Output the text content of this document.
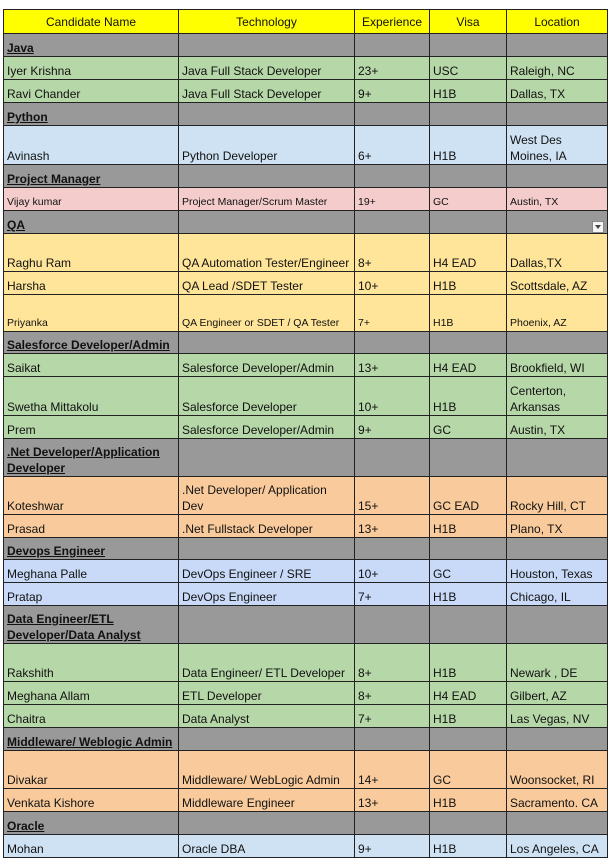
Candidate Name	Technology	Experience	Visa	Location
Java				
Iyer Krishna	Java Full Stack Developer	23+	USC	Raleigh, NC
Ravi Chander	Java Full Stack Developer	9+	H1B	Dallas, TX
Python				
Avinash	Python Developer	6+	H1B	West Des Moines, IA
Project Manager				
Vijay kumar	Project Manager/Scrum Master	19+	GC	Austin, TX
QA				

Raghu Ram	QA Automation Tester/Engineer	8+	H4 EAD	Dallas,TX
Harsha	QA Lead /SDET Tester	10+	H1B	Scottsdale, AZ
Priyanka	QA Engineer or SDET / QA Tester	7+	H1B	Phoenix, AZ
Salesforce Developer/Admin				
Saikat	Salesforce Developer/Admin	13+	H4 EAD	Brookfield, WI
Swetha Mittakolu	Salesforce Developer	10+	H1B	Centerton, Arkansas
Prem	Salesforce Developer/Admin	9+	GC	Austin, TX
.Net Developer/Application Developer				
Koteshwar	.Net Developer/ Application Dev	15+	GC EAD	Rocky Hill, CT
Prasad	.Net Fullstack Developer	13+	H1B	Plano, TX
Devops Engineer				
Meghana Palle	DevOps Engineer / SRE	10+	GC	Houston, Texas
Pratap	DevOps Engineer	7+	H1B	Chicago, IL
Data Engineer/ETL Developer/Data Analyst				
Rakshith	Data Engineer/ ETL Developer	8+	H1B	Newark , DE
Meghana Allam	ETL Developer	8+	H4 EAD	Gilbert, AZ
Chaitra	Data Analyst	7+	H1B	Las Vegas, NV
Middleware/ Weblogic Admin				
Divakar	Middleware/ WebLogic Admin	14+	GC	Woonsocket, RI
Venkata Kishore	Middleware Engineer	13+	H1B	Sacramento. CA
Oracle				
Mohan	Oracle DBA	9+	H1B	Los Angeles, CA
